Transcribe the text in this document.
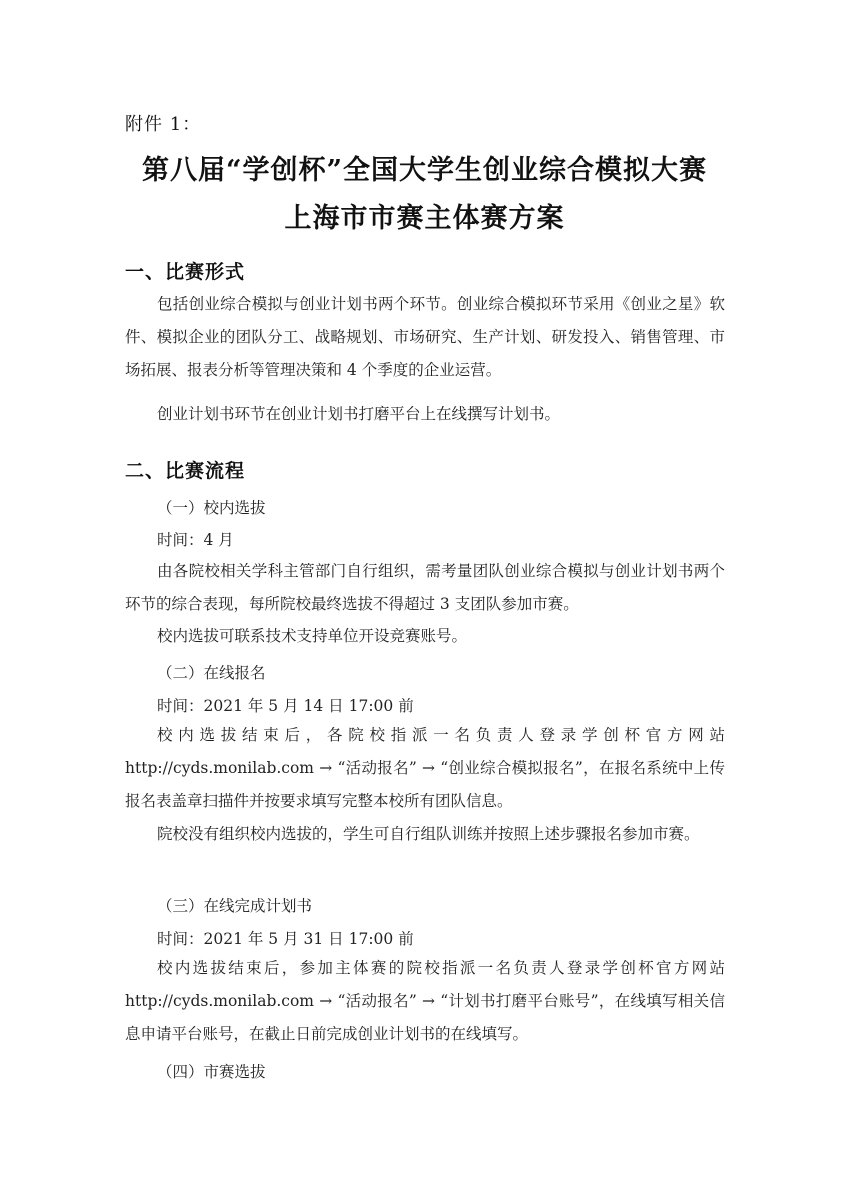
附件 1：
第八届“学创杯”全国大学生创业综合模拟大赛
上海市市赛主体赛方案
一、比赛形式
包括创业综合模拟与创业计划书两个环节。创业综合模拟环节采用《创业之星》软件、模拟企业的团队分工、战略规划、市场研究、生产计划、研发投入、销售管理、市场拓展、报表分析等管理决策和 4 个季度的企业运营。
创业计划书环节在创业计划书打磨平台上在线撰写计划书。
二、比赛流程
（一）校内选拔
时间：4 月
由各院校相关学科主管部门自行组织，需考量团队创业综合模拟与创业计划书两个环节的综合表现，每所院校最终选拔不得超过 3 支团队参加市赛。
校内选拔可联系技术支持单位开设竞赛账号。
（二）在线报名
时间：2021 年 5 月 14 日 17:00 前
校内选拔结束后，各院校指派一名负责人登录学创杯官方网站 http://cyds.monilab.com → “活动报名” → “创业综合模拟报名”，在报名系统中上传报名表盖章扫描件并按要求填写完整本校所有团队信息。
院校没有组织校内选拔的，学生可自行组队训练并按照上述步骤报名参加市赛。
（三）在线完成计划书
时间：2021 年 5 月 31 日 17:00 前
校内选拔结束后，参加主体赛的院校指派一名负责人登录学创杯官方网站 http://cyds.monilab.com → “活动报名” → “计划书打磨平台账号”，在线填写相关信息申请平台账号，在截止日前完成创业计划书的在线填写。
（四）市赛选拔
